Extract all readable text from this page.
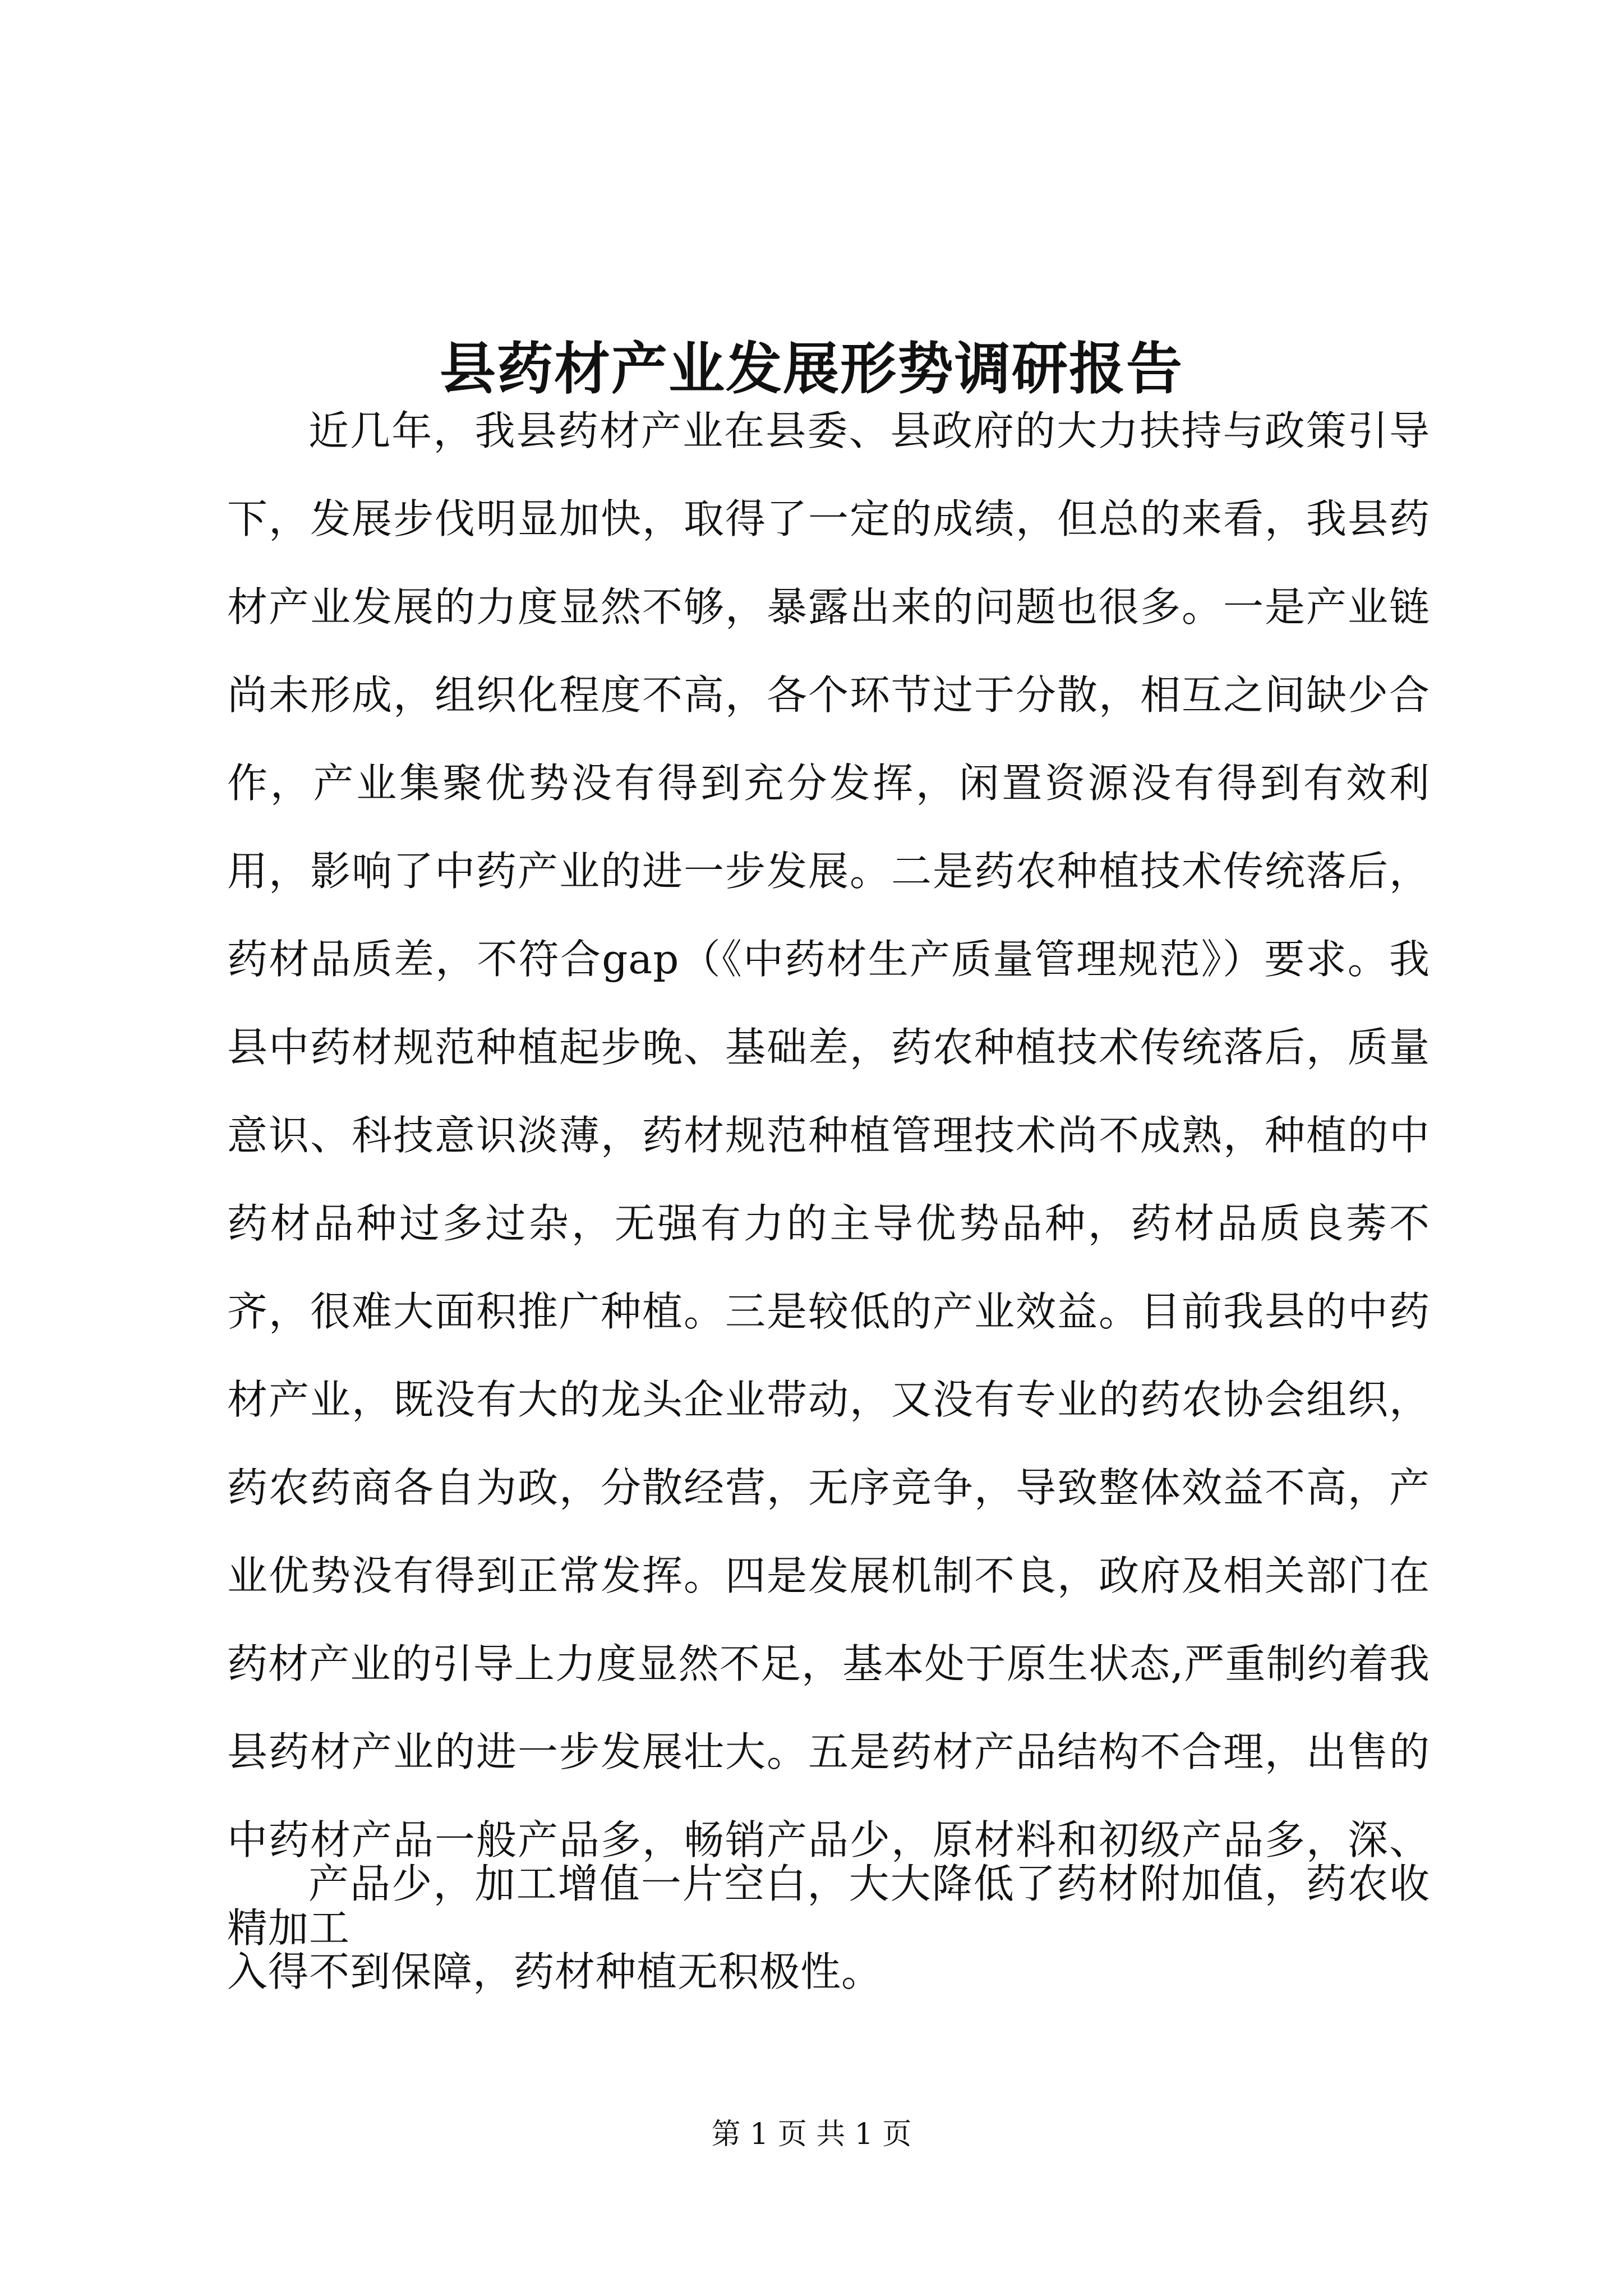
县药材产业发展形势调研报告

近几年，我县药材产业在县委、县政府的大力扶持与政策引导下，发展步伐明显加快，取得了一定的成绩，但总的来看，我县药材产业发展的力度显然不够，暴露出来的问题也很多。一是产业链尚未形成，组织化程度不高，各个环节过于分散，相互之间缺少合作，产业集聚优势没有得到充分发挥，闲置资源没有得到有效利用，影响了中药产业的进一步发展。二是药农种植技术传统落后，药材品质差，不符合gap（《中药材生产质量管理规范》）要求。我县中药材规范种植起步晚、基础差，药农种植技术传统落后，质量意识、科技意识淡薄，药材规范种植管理技术尚不成熟，种植的中药材品种过多过杂，无强有力的主导优势品种，药材品质良莠不齐，很难大面积推广种植。三是较低的产业效益。目前我县的中药材产业，既没有大的龙头企业带动，又没有专业的药农协会组织，药农药商各自为政，分散经营，无序竞争，导致整体效益不高，产业优势没有得到正常发挥。四是发展机制不良，政府及相关部门在药材产业的引导上力度显然不足，基本处于原生状态,严重制约着我县药材产业的进一步发展壮大。五是药材产品结构不合理，出售的中药材产品一般产品多，畅销产品少，原材料和初级产品多，深、精加工

产品少，加工增值一片空白，大大降低了药材附加值，药农收入得不到保障，药材种植无积极性。

第 1 页 共 1 页
